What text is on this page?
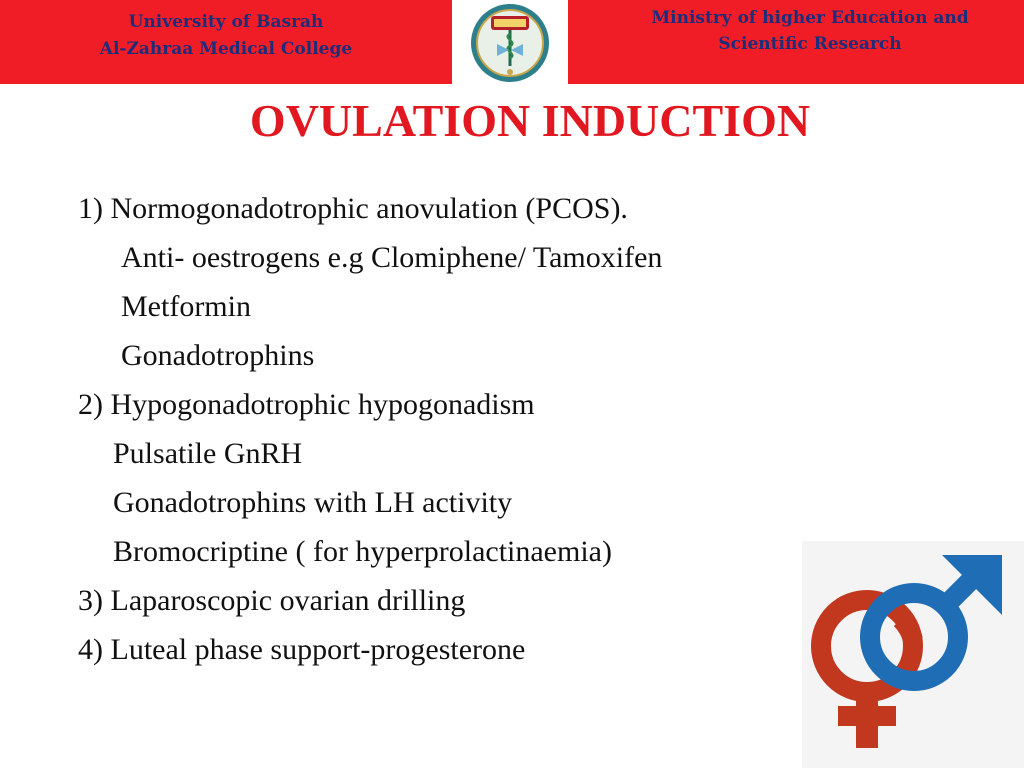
University of Basrah
Al-Zahraa Medical College
Ministry of higher Education and
Scientific Research
OVULATION INDUCTION
1) Normogonadotrophic anovulation (PCOS).
Anti- oestrogens e.g Clomiphene/ Tamoxifen
Metformin
Gonadotrophins
2) Hypogonadotrophic hypogonadism
Pulsatile GnRH
Gonadotrophins with LH activity
Bromocriptine ( for hyperprolactinaemia)
3) Laparoscopic ovarian drilling
4) Luteal phase support-progesterone
